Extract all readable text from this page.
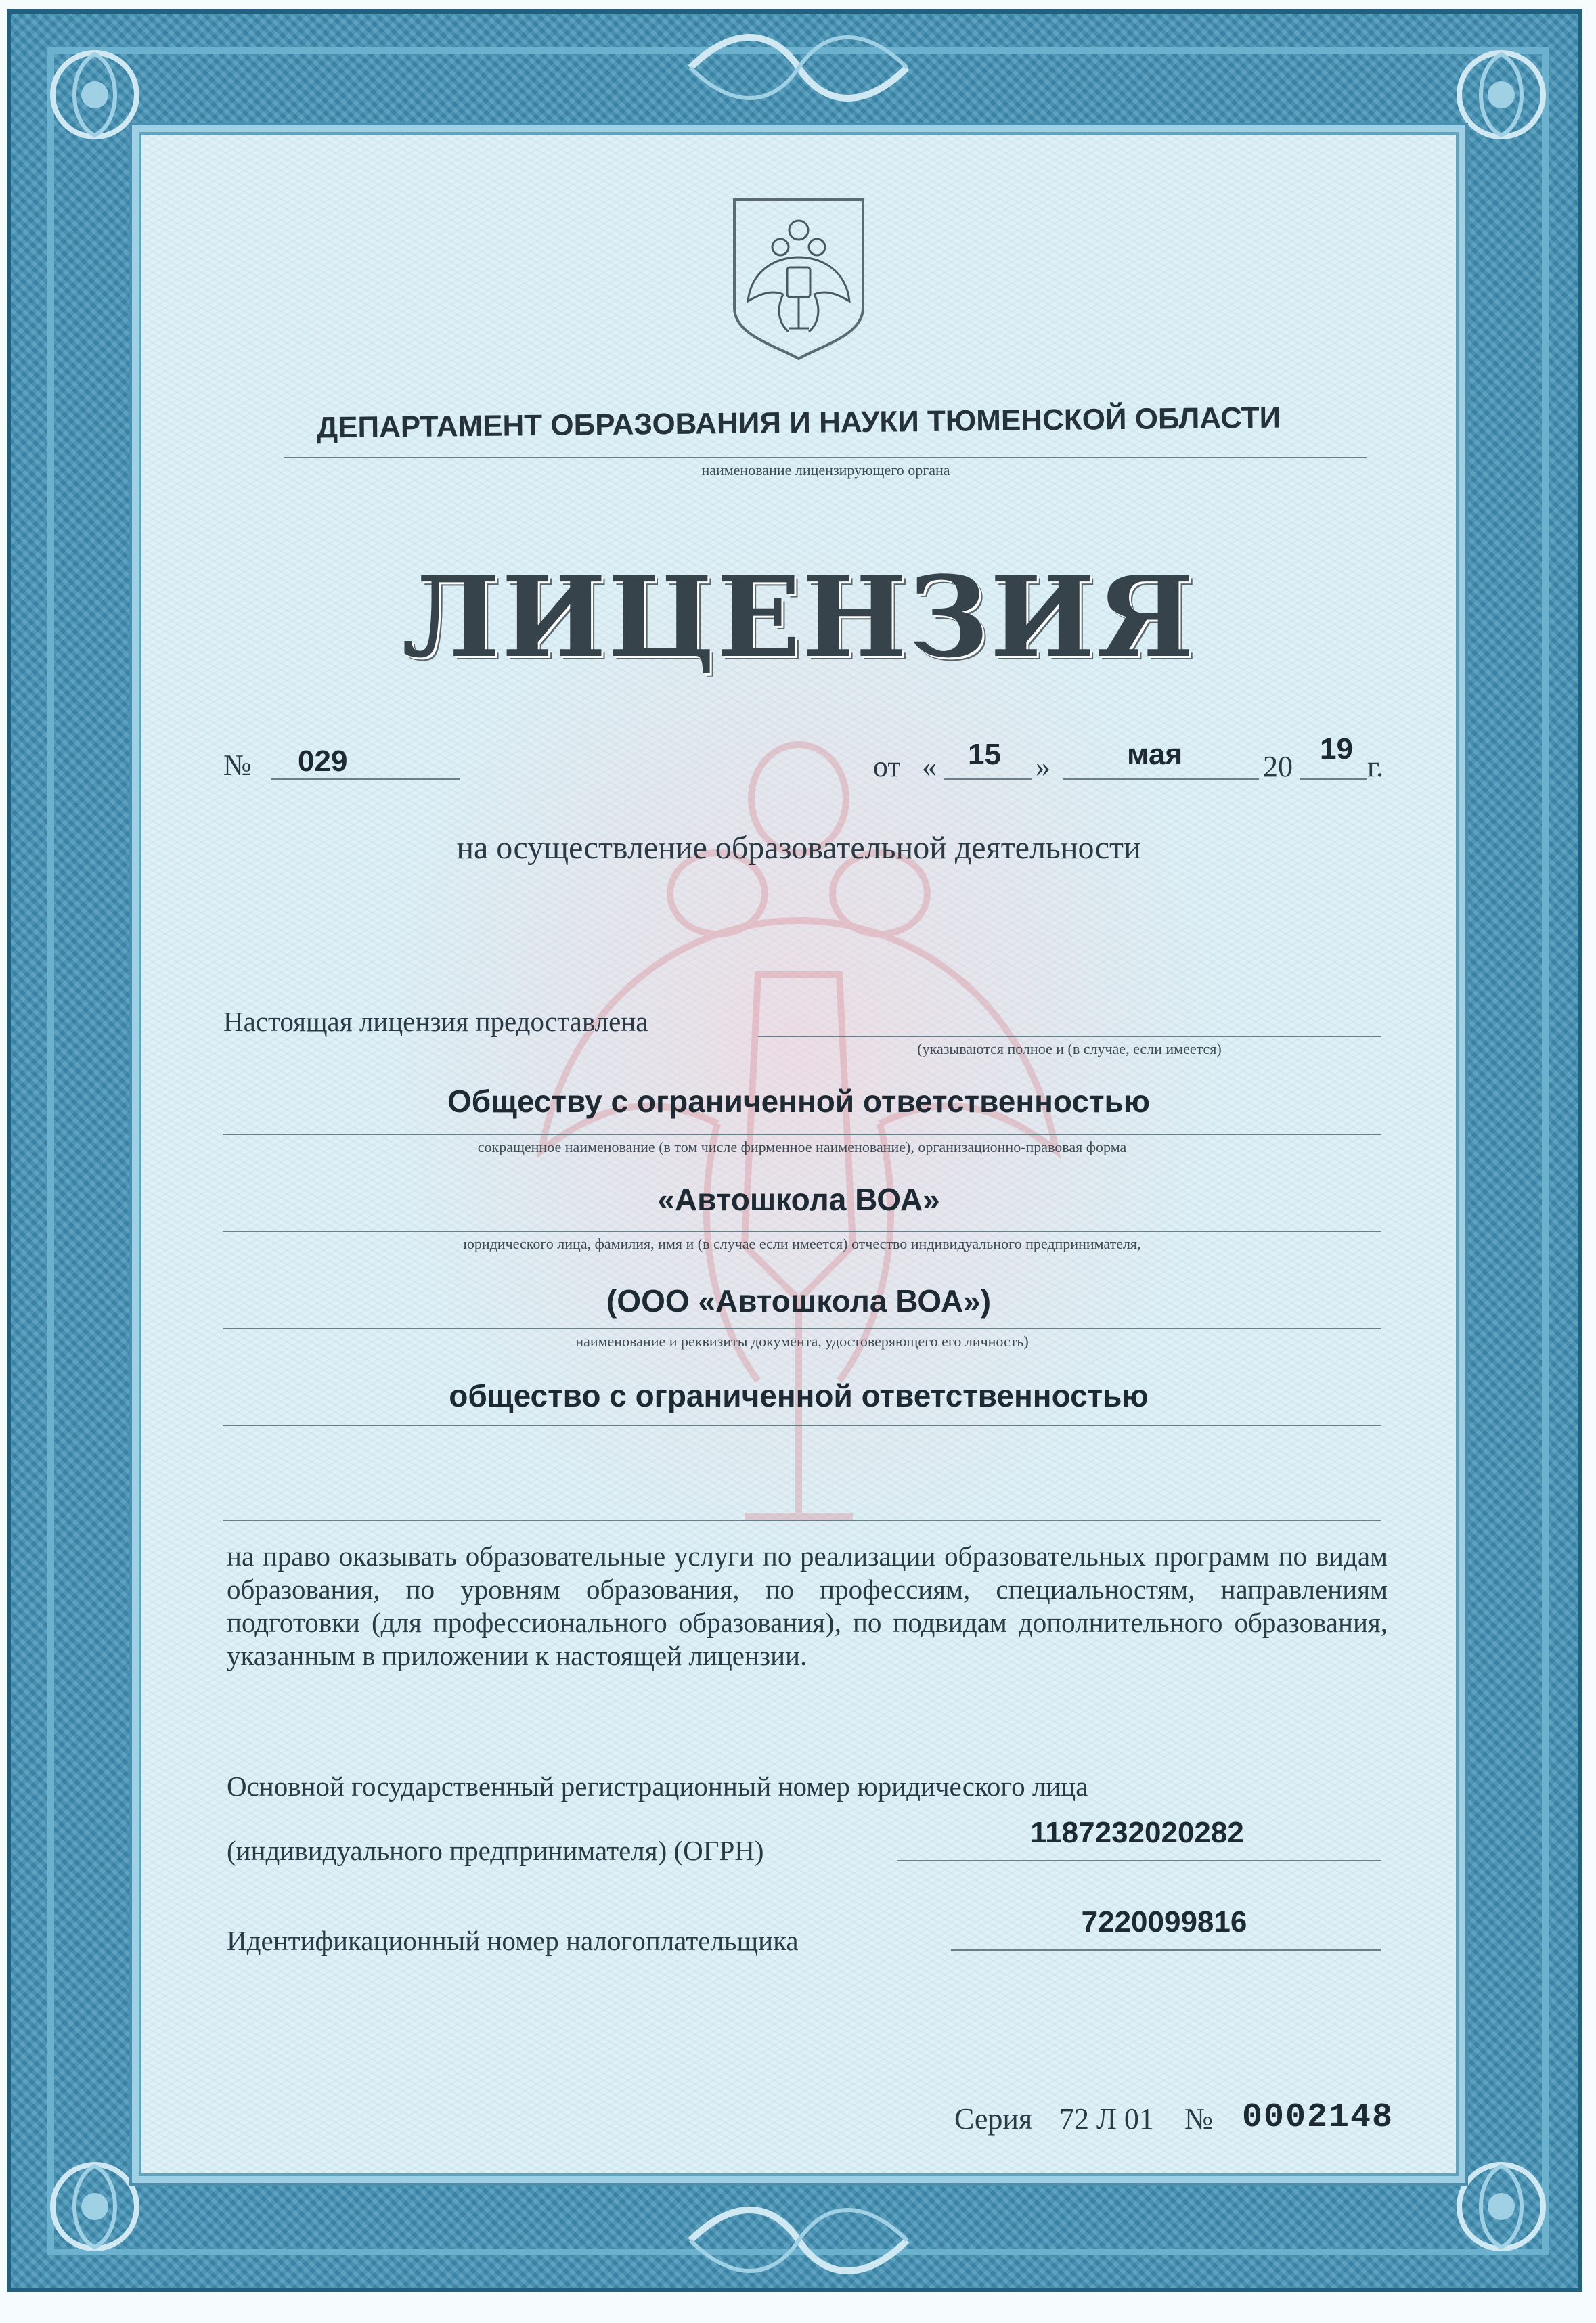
ДЕПАРТАМЕНТ ОБРАЗОВАНИЯ И НАУКИ ТЮМЕНСКОЙ ОБЛАСТИ
наименование лицензирующего органа
ЛИЦЕНЗИЯ
№ 029	от « 15 »	мая	20
19
г.
на осуществление образовательной деятельности
Настоящая лицензия предоставлена
(указываются полное и (в случае, если имеется)
Обществу с ограниченной ответственностью
сокращенное наименование (в том числе фирменное наименование), организационно-правовая форма
«Автошкола ВОА»
юридического лица, фамилия, имя и (в случае если имеется) отчество индивидуального предпринимателя,
(ООО «Автошкола ВОА»)
наименование и реквизиты документа, удостоверяющего его личность)
общество с ограниченной ответственностью
на право оказывать образовательные услуги по реализации образовательных программ по видам образования, по уровням образования, по профессиям, специальностям, направлениям подготовки (для профессионального образования), по подвидам дополнительного образования, указанным в приложении к настоящей лицензии.
Основной государственный регистрационный номер юридического лица
(индивидуального предпринимателя) (ОГРН)
1187232020282
Идентификационный номер налогоплательщика
7220099816
Серия 72 Л 01 № 0002148
